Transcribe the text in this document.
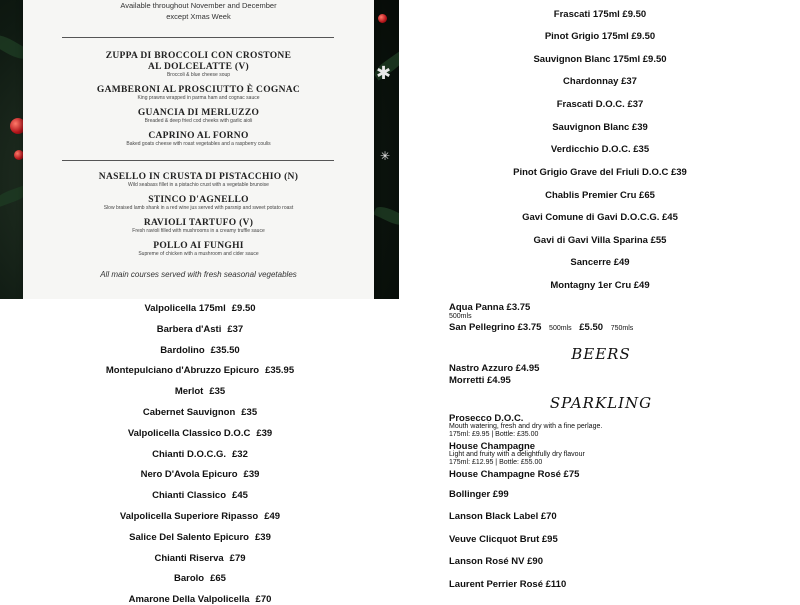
✱
✳
Available throughout November and December
except Xmas Week
ZUPPA DI BROCCOLI CON CROSTONE
AL DOLCELATTE (V)
Broccoli & blue cheese soup
GAMBERONI AL PROSCIUTTO È COGNAC
King prawns wrapped in parma ham and cognac sauce
GUANCIA DI MERLUZZO
Breaded & deep fried cod cheeks with garlic aioli
CAPRINO AL FORNO
Baked goats cheese with roast vegetables and a raspberry coulis
NASELLO IN CRUSTA DI PISTACCHIO (N)
Wild seabass fillet in a pistachio crust with a vegetable brunoise
STINCO D'AGNELLO
Slow braised lamb shank in a red wine jus served with parsnip and sweet potato roast
RAVIOLI TARTUFO (V)
Fresh ravioli filled with mushrooms in a creamy truffle sauce
POLLO AI FUNGHI
Supreme of chicken with a mushroom and cider sauce
All main courses served with fresh seasonal vegetables
Valpolicella 175ml £9.50
Barbera d'Asti £37
Bardolino £35.50
Montepulciano d'Abruzzo Epicuro £35.95
Merlot £35
Cabernet Sauvignon £35
Valpolicella Classico D.O.C £39
Chianti D.O.C.G. £32
Nero D'Avola Epicuro £39
Chianti Classico £45
Valpolicella Superiore Ripasso £49
Salice Del Salento Epicuro £39
Chianti Riserva £79
Barolo £65
Amarone Della Valpolicella £70
Frascati 175ml £9.50
Pinot Grigio 175ml £9.50
Sauvignon Blanc 175ml £9.50
Chardonnay £37
Frascati D.O.C. £37
Sauvignon Blanc £39
Verdicchio D.O.C. £35
Pinot Grigio Grave del Friuli D.O.C £39
Chablis Premier Cru £65
Gavi Comune di Gavi D.O.C.G. £45
Gavi di Gavi Villa Sparina £55
Sancerre £49
Montagny 1er Cru £49
Aqua Panna £3.75
500mls
San Pellegrino £3.75 500mls £5.50 750mls
BEERS
Nastro Azzuro £4.95
Morretti £4.95
SPARKLING
Prosecco D.O.C.
Mouth watering, fresh and dry with a fine perlage.
175ml: £9.95 | Bottle: £35.00
House Champagne
Light and fruity with a delightfully dry flavour
175ml: £12.95 | Bottle: £55.00
House Champagne Rosé £75
Bollinger £99
Lanson Black Label £70
Veuve Clicquot Brut £95
Lanson Rosé NV £90
Laurent Perrier Rosé £110
